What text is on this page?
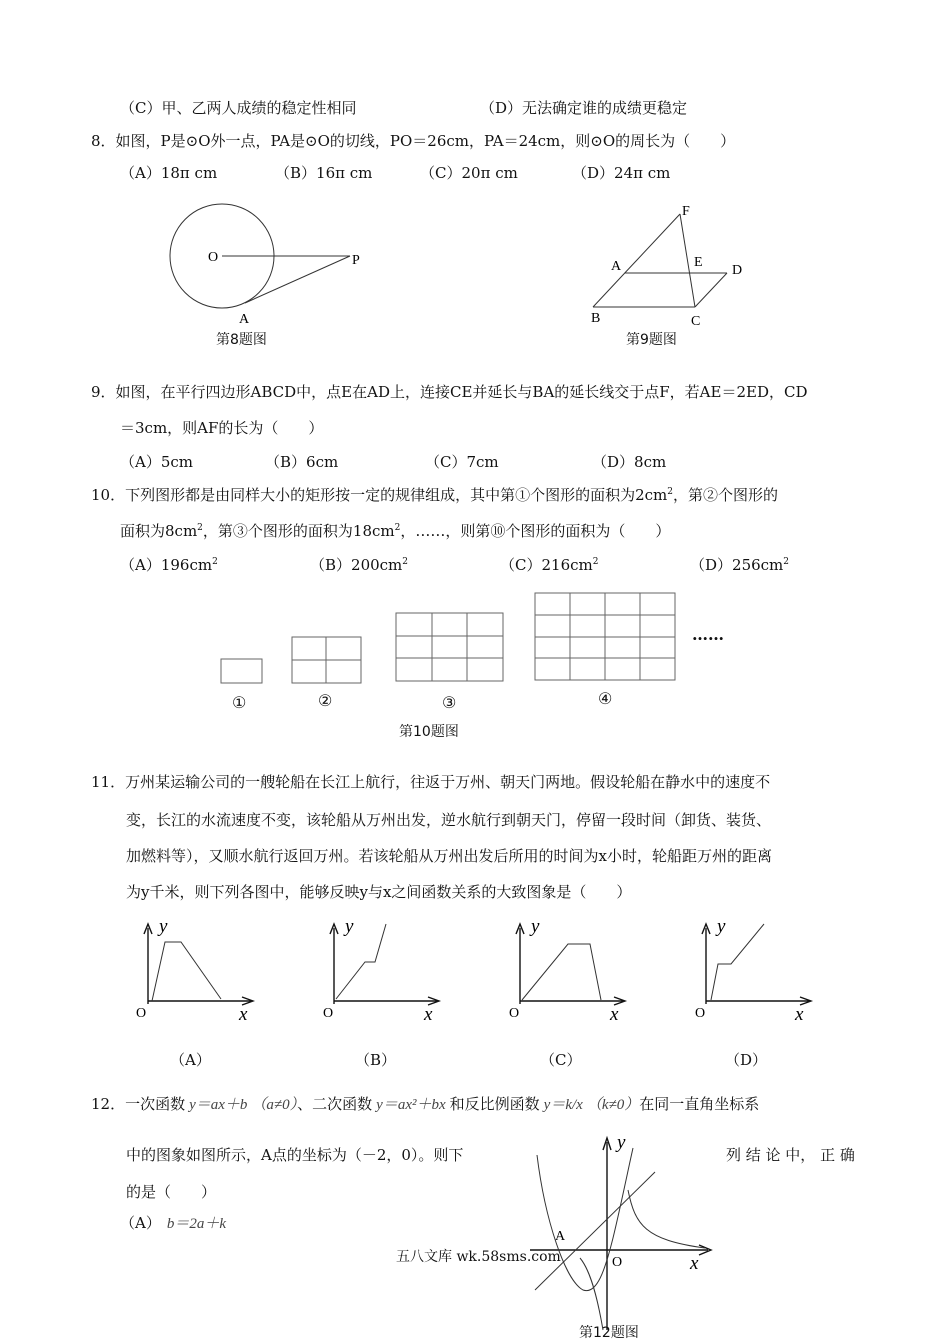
（C）甲、乙两人成绩的稳定性相同	（D）无法确定谁的成绩更稳定
8．如图，P是⊙O外一点，PA是⊙O的切线，PO＝26cm，PA＝24cm，则⊙O的周长为（　　）
（A）18π cm	（B）16π cm	（C）20π cm	（D）24π cm
O	P
A
第8题图
F
A	E
D
B	C
第9题图
9．如图，在平行四边形ABCD中，点E在AD上，连接CE并延长与BA的延长线交于点F，若AE＝2ED，CD
＝3cm，则AF的长为（　　）
（A）5cm	（B）6cm	（C）7cm	（D）8cm
10．下列图形都是由同样大小的矩形按一定的规律组成，其中第①个图形的面积为$2cm^2$，第②个图形的
面积为$8cm^2$，第③个图形的面积为$18cm^2$，……，则第⑩个图形的面积为（　　）
$(A)196cm^2$	$(B)200cm^2$	$(C)216cm^2$	$(D)256cm^2$
①	②	③	④
……
第10题图
11．万州某运输公司的一艘轮船在长江上航行，往返于万州、朝天门两地。假设轮船在静水中的速度不
变，长江的水流速度不变，该轮船从万州出发，逆水航行到朝天门，停留一段时间（卸货、装货、
加燃料等），又顺水航行返回万州。若该轮船从万州出发后所用的时间为x小时，轮船距万州的距离
为y千米，则下列各图中，能够反映y与x之间函数关系的大致图象是（　　）
y
O	x
y
O	x
y
O	x
y
O	x
（A）	（B）	（C）	（D）
12．一次函数 y＝ax＋b （a≠0）、二次函数 y＝ax²＋bx 和反比例函数 y＝k/x （k≠0）在同一直角坐标系
中的图象如图所示，A点的坐标为（－2，0）。则下	列 结 论 中， 正 确
的是（　　）
（A） b＝2a＋k
y
A
O	x
五八文库 wk.58sms.com
第12题图
